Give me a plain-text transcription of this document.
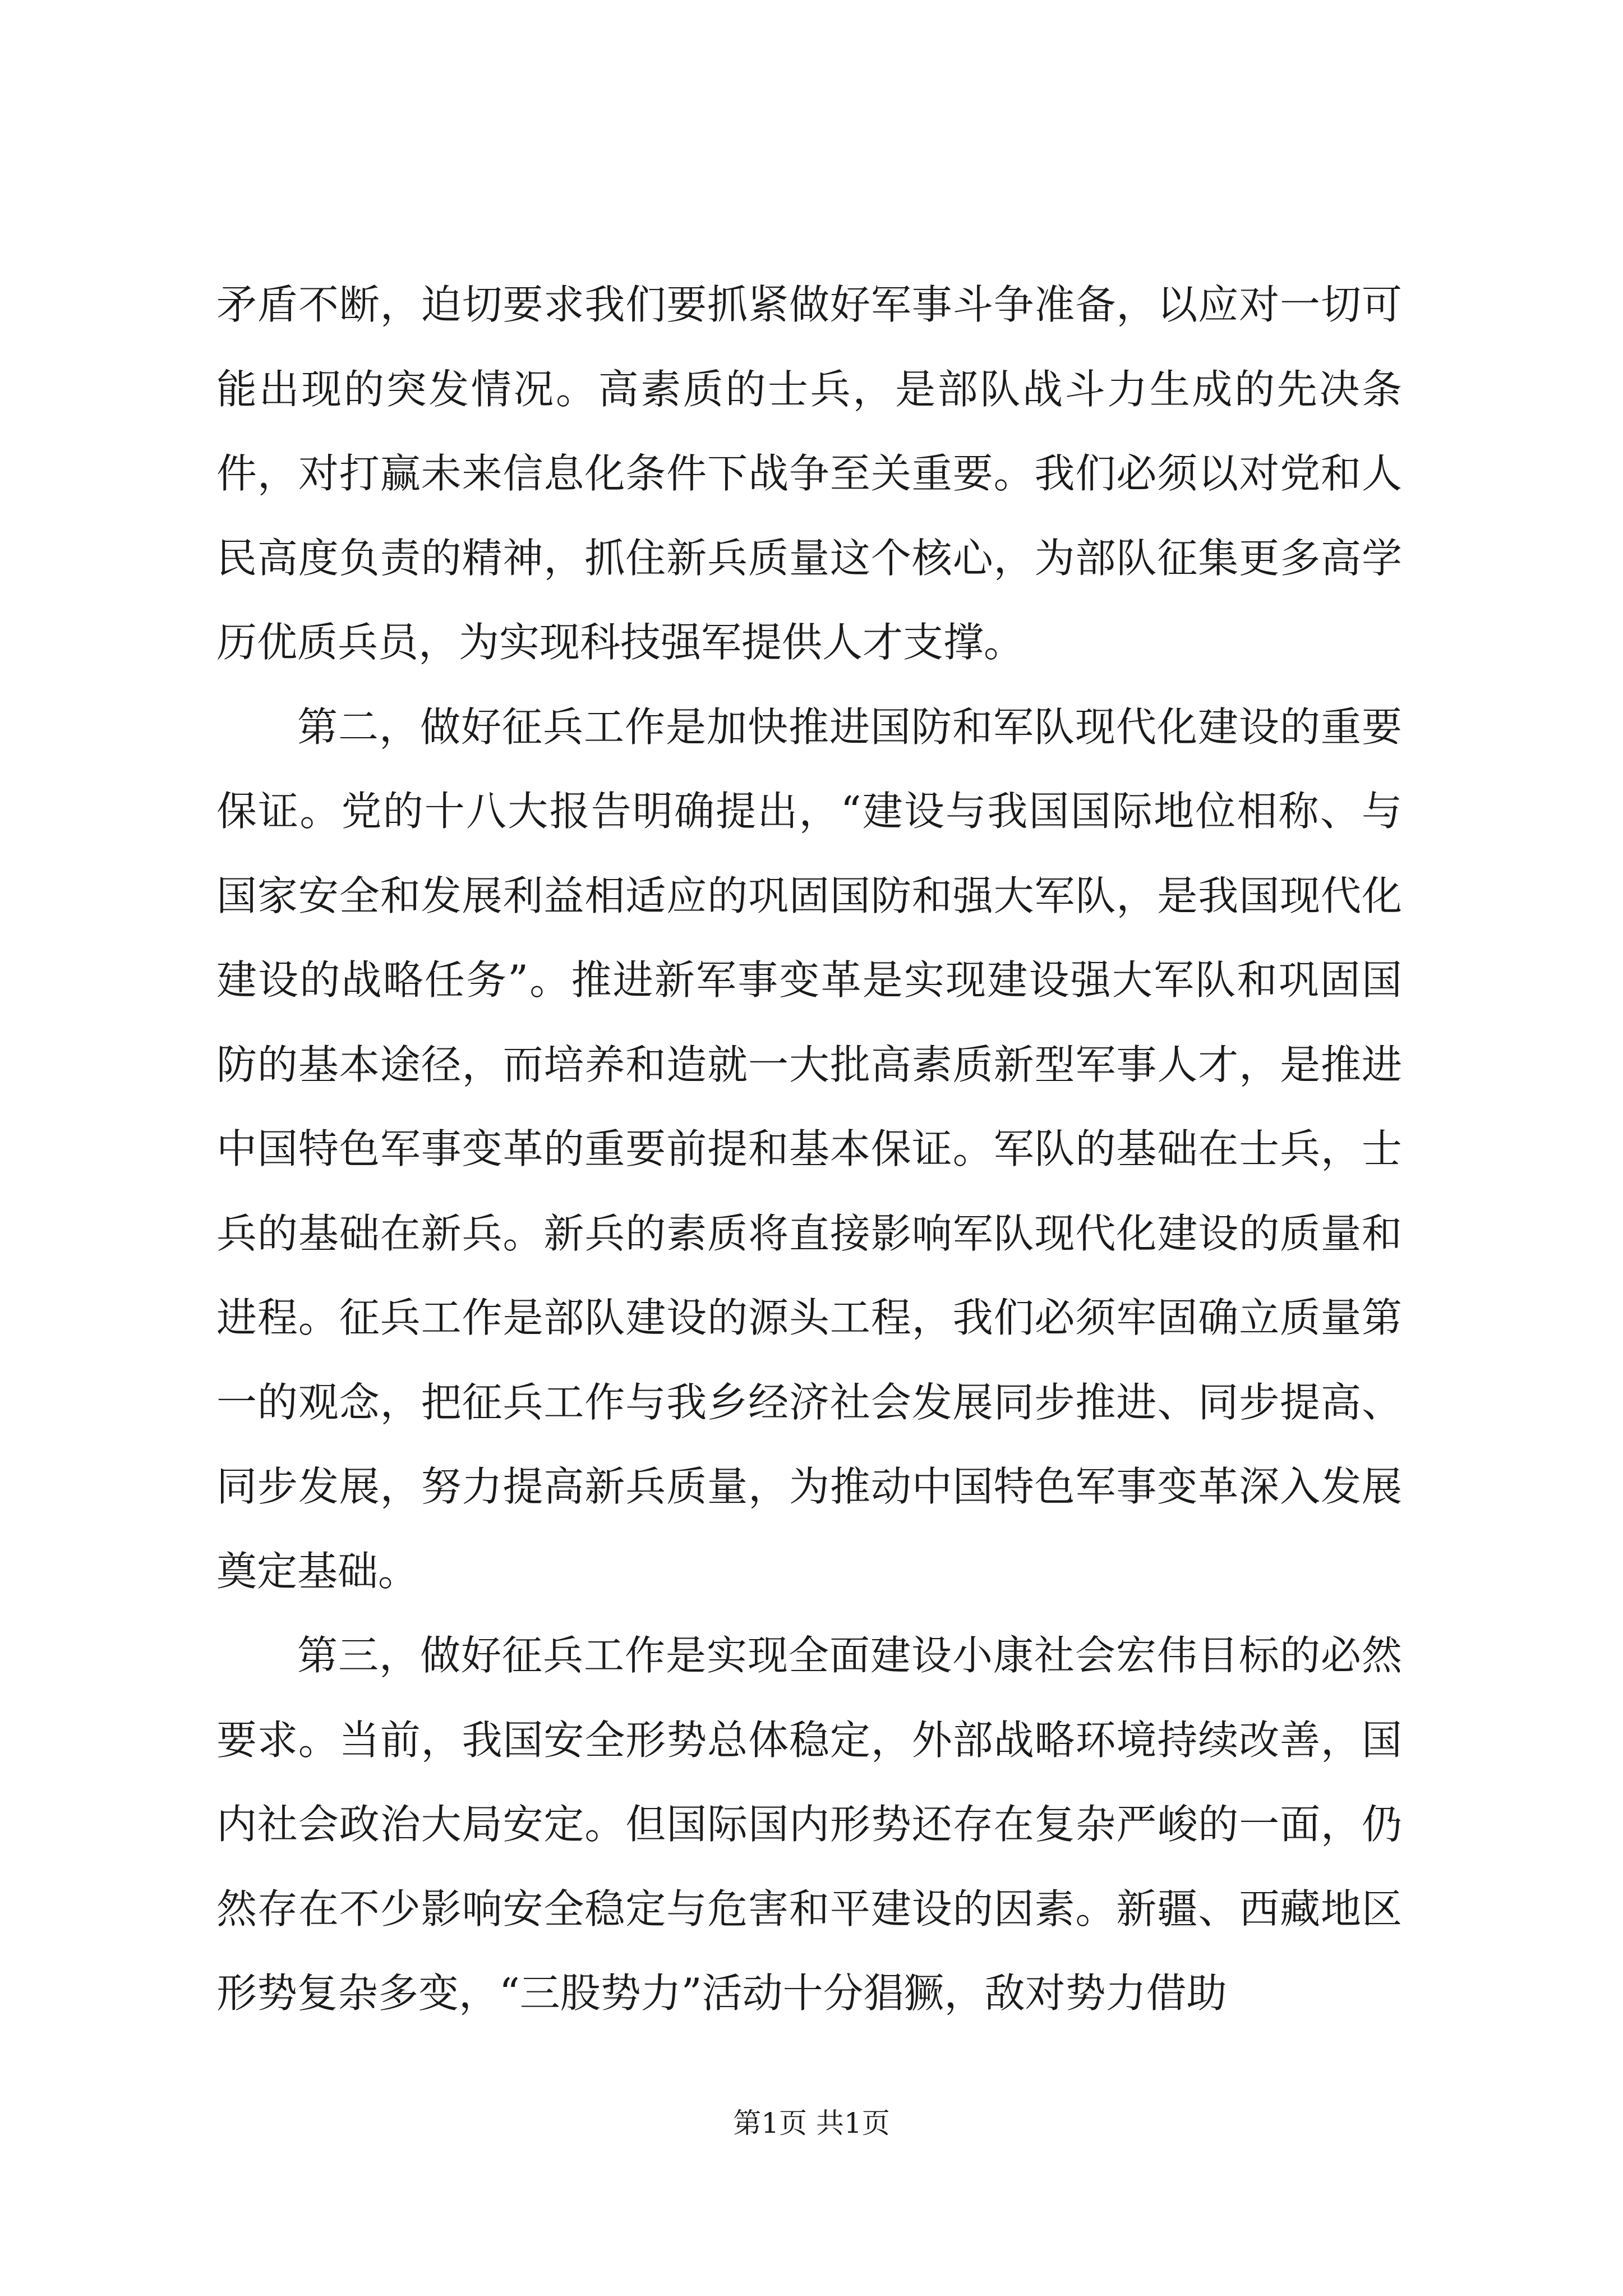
矛盾不断，迫切要求我们要抓紧做好军事斗争准备，以应对一切可能出现的突发情况。高素质的士兵，是部队战斗力生成的先决条件，对打赢未来信息化条件下战争至关重要。我们必须以对党和人民高度负责的精神，抓住新兵质量这个核心，为部队征集更多高学历优质兵员，为实现科技强军提供人才支撑。

第二，做好征兵工作是加快推进国防和军队现代化建设的重要保证。党的十八大报告明确提出，“建设与我国国际地位相称、与国家安全和发展利益相适应的巩固国防和强大军队，是我国现代化建设的战略任务”。推进新军事变革是实现建设强大军队和巩固国防的基本途径，而培养和造就一大批高素质新型军事人才，是推进中国特色军事变革的重要前提和基本保证。军队的基础在士兵，士兵的基础在新兵。新兵的素质将直接影响军队现代化建设的质量和进程。征兵工作是部队建设的源头工程，我们必须牢固确立质量第一的观念，把征兵工作与我乡经济社会发展同步推进、同步提高、同步发展，努力提高新兵质量，为推动中国特色军事变革深入发展奠定基础。

第三，做好征兵工作是实现全面建设小康社会宏伟目标的必然要求。当前，我国安全形势总体稳定，外部战略环境持续改善，国内社会政治大局安定。但国际国内形势还存在复杂严峻的一面，仍然存在不少影响安全稳定与危害和平建设的因素。新疆、西藏地区形势复杂多变，“三股势力”活动十分猖獗，敌对势力借助

第1页 共1页
